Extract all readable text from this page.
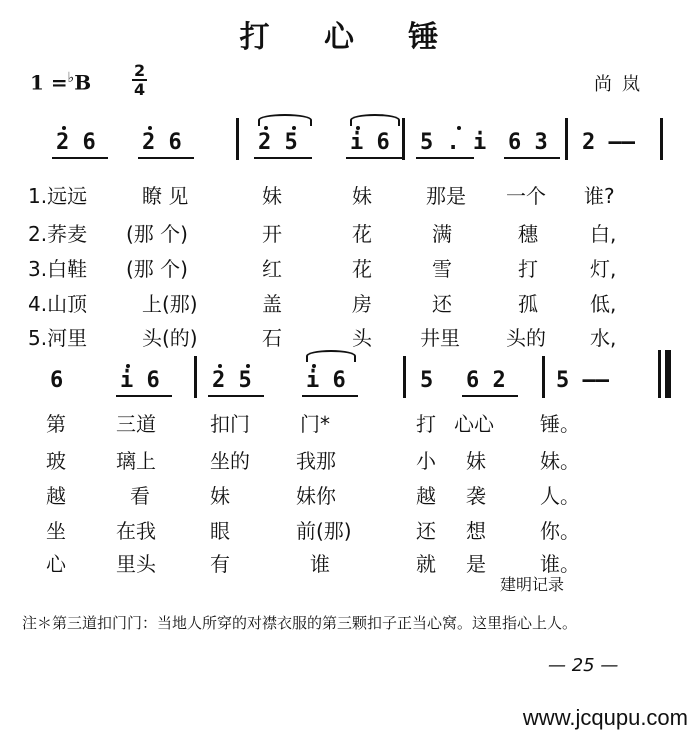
打 心 锤
1 =♭B
2
4	尚岚
2 6 2 6	2 5 i 6 5 . i 6 3 2 ——
1.远远	瞭 见	妹	妹	那是 一个 谁?
2.荞麦 (那 个)	开	花	满	穗	白,
3.白鞋 (那 个)	红	花	雪	打	灯,
4.山顶	上(那)	盖	房	还	孤	低,
5.河里	头(的)	石	头 井里 头的 水,
6	i 6 2 5 i 6	5 6 2 5 ——
第	三道	扣门	门*	打 心心 锤。
玻	璃上	坐的 我那	小 妹	妹。
越	看	妹	妹你	越 袭	人。
坐	在我	眼	前(那)	还 想	你。
心	里头	有	谁	就 是	谁。
建明记录
注＊第三道扣门门：当地人所穿的对襟衣服的第三颗扣子正当心窝。这里指心上人。
— 25 —
www.jcqupu.com
